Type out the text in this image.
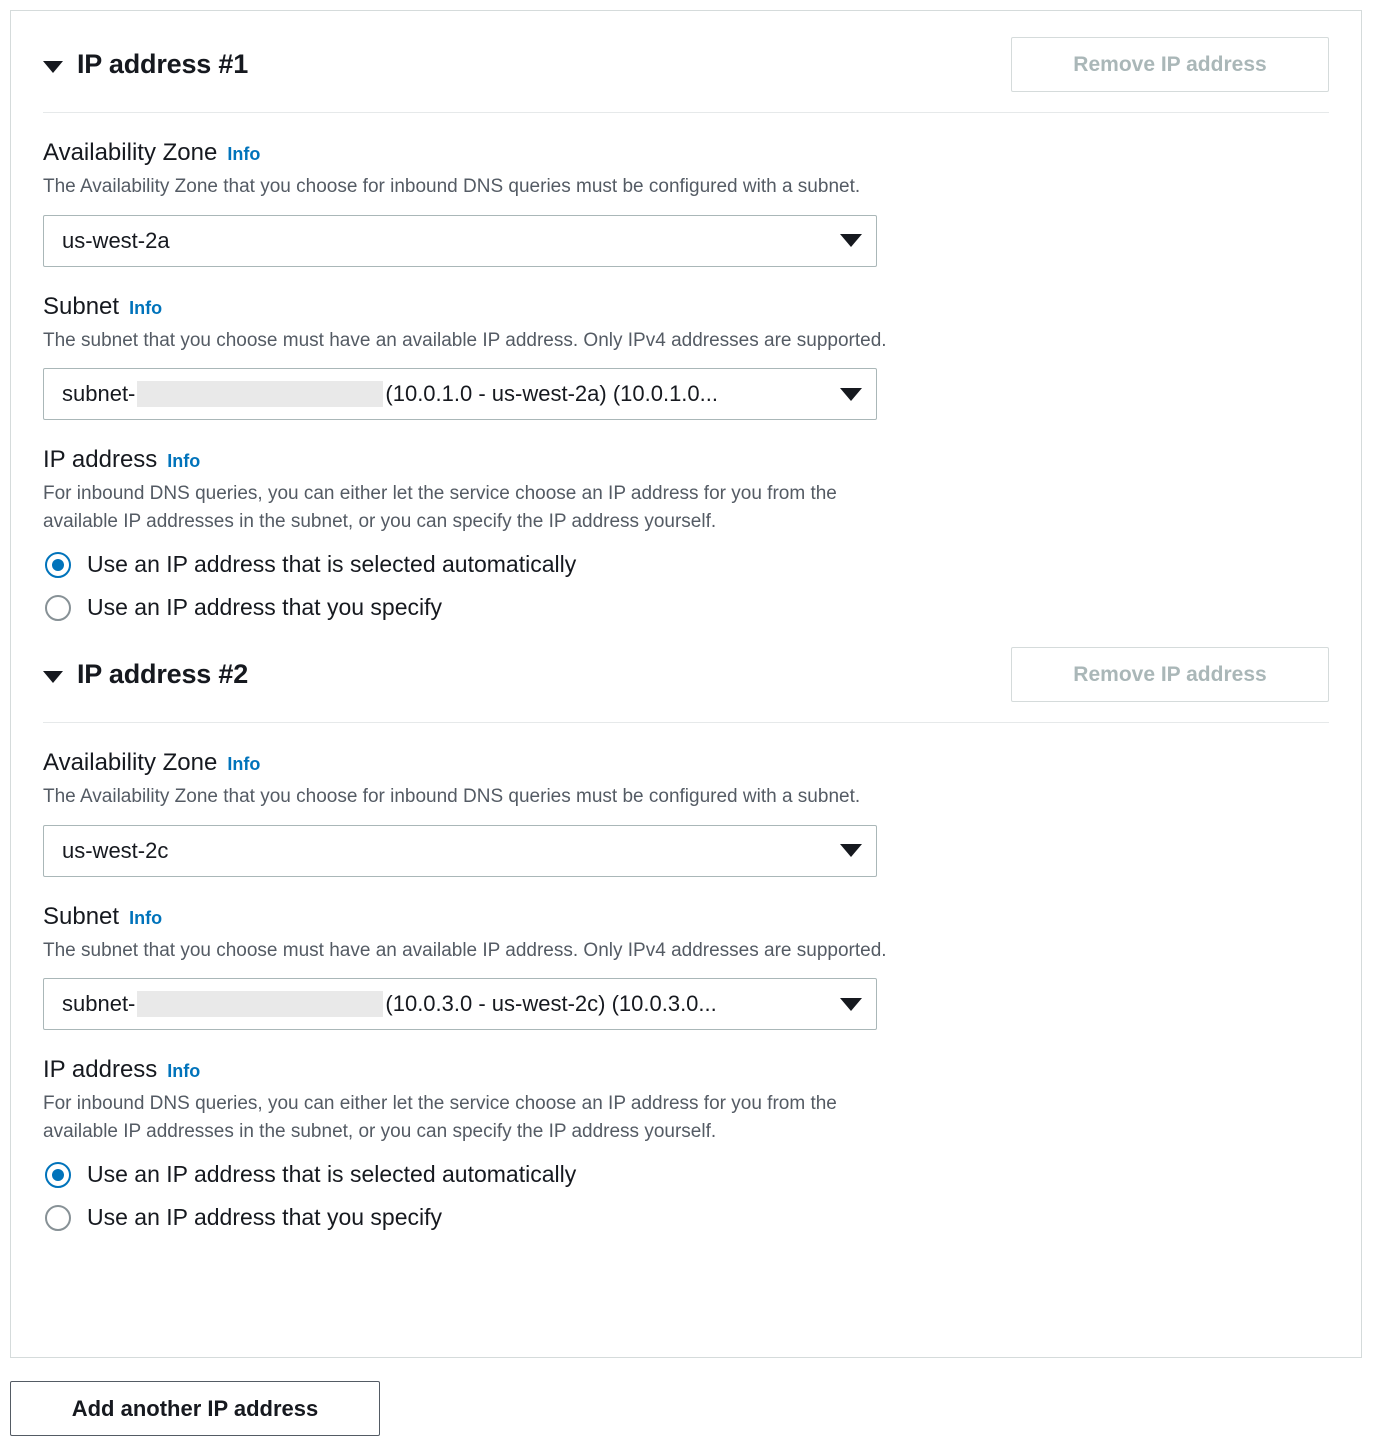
IP address #1	Remove IP address
Availability Zone Info
The Availability Zone that you choose for inbound DNS queries must be configured with a subnet.
us-west-2a
Subnet Info
The subnet that you choose must have an available IP address. Only IPv4 addresses are supported.
subnet-	(10.0.1.0 - us-west-2a) (10.0.1.0...
IP address Info
For inbound DNS queries, you can either let the service choose an IP address for you from the available IP addresses in the subnet, or you can specify the IP address yourself.
Use an IP address that is selected automatically
Use an IP address that you specify
IP address #2	Remove IP address
Availability Zone Info
The Availability Zone that you choose for inbound DNS queries must be configured with a subnet.
us-west-2c
Subnet Info
The subnet that you choose must have an available IP address. Only IPv4 addresses are supported.
subnet-	(10.0.3.0 - us-west-2c) (10.0.3.0...
IP address Info
For inbound DNS queries, you can either let the service choose an IP address for you from the available IP addresses in the subnet, or you can specify the IP address yourself.
Use an IP address that is selected automatically
Use an IP address that you specify
Add another IP address
